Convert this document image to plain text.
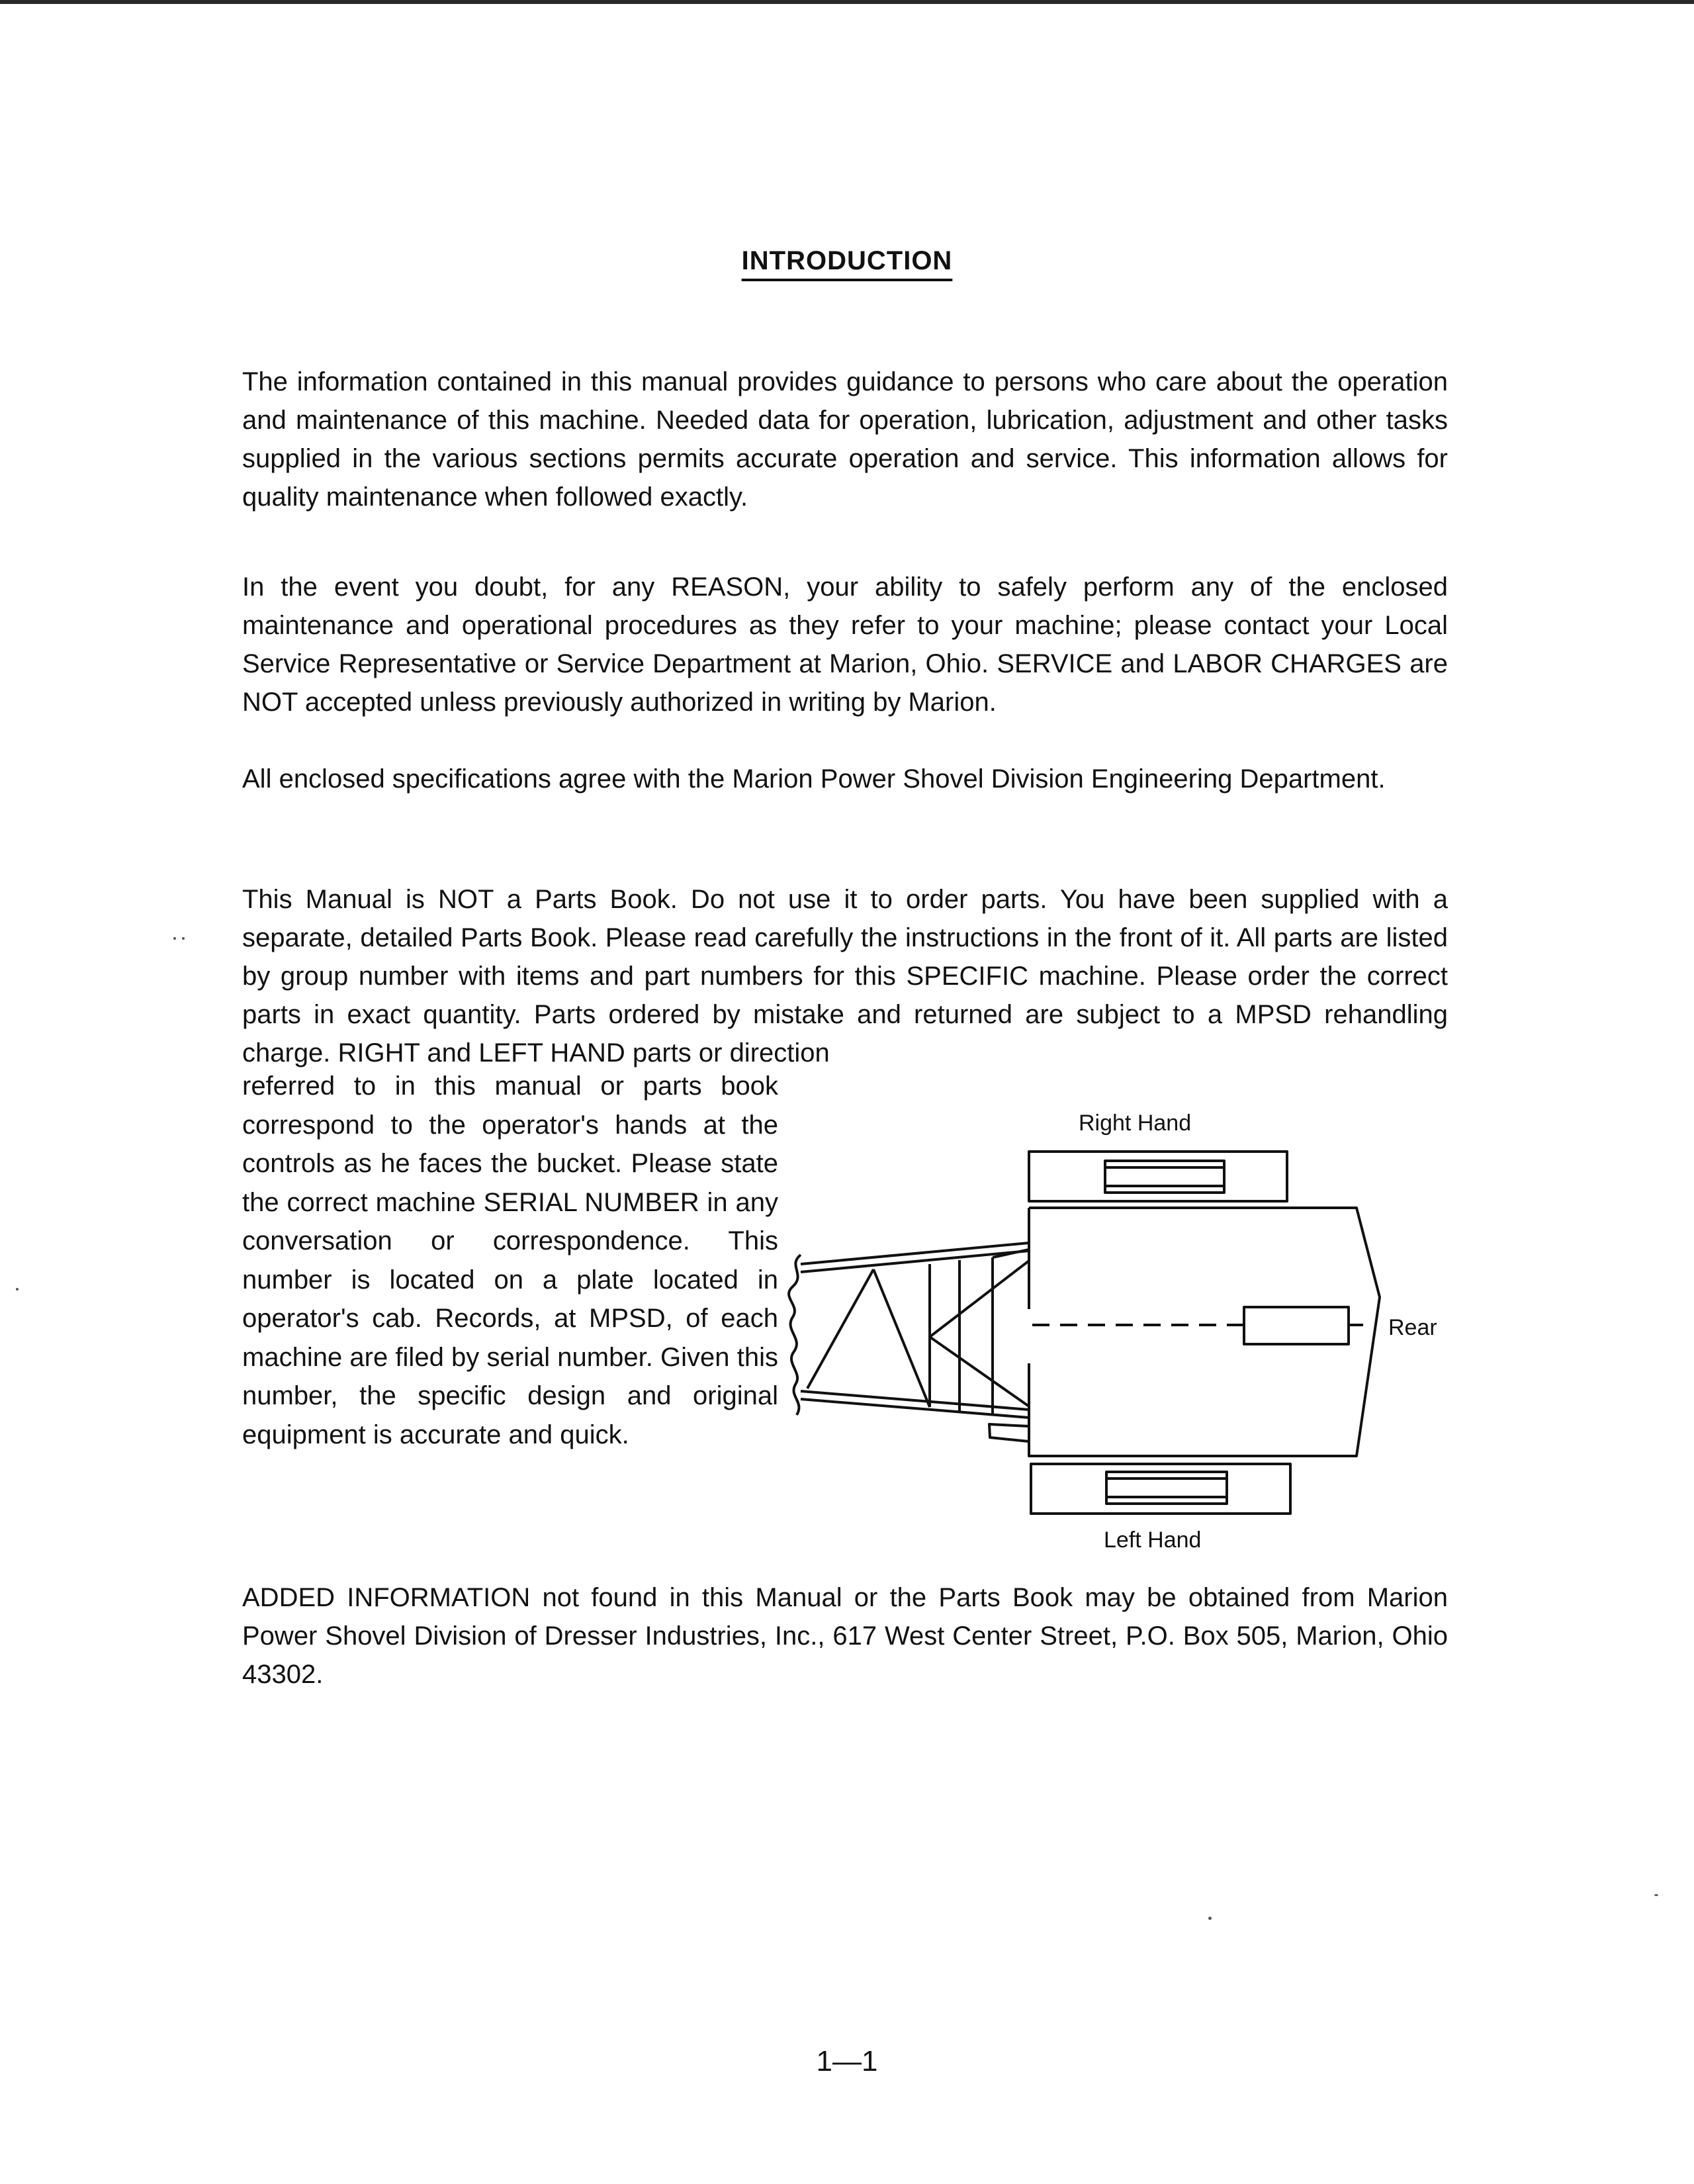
INTRODUCTION

The information contained in this manual provides guidance to persons who care about the operation and maintenance of this machine. Needed data for operation, lubrication, adjustment and other tasks supplied in the various sections permits accurate operation and service. This information allows for quality maintenance when followed exactly.

In the event you doubt, for any REASON, your ability to safely perform any of the enclosed maintenance and operational procedures as they refer to your machine; please contact your Local Service Representative or Service Department at Marion, Ohio. SERVICE and LABOR CHARGES are NOT accepted unless previously authorized in writing by Marion.

All enclosed specifications agree with the Marion Power Shovel Division Engineering Department.

This Manual is NOT a Parts Book. Do not use it to order parts. You have been supplied with a separate, detailed Parts Book. Please read carefully the instructions in the front of it. All parts are listed by group number with items and part numbers for this SPECIFIC machine. Please order the correct parts in exact quantity. Parts ordered by mistake and returned are subject to a MPSD rehandling charge. RIGHT and LEFT HAND parts or direction

referred to in this manual or parts book correspond to the operator's hands at the controls as he faces the bucket. Please state the correct machine SERIAL NUMBER in any conversation or correspondence. This number is located on a plate located in operator's cab. Records, at MPSD, of each machine are filed by serial number. Given this number, the specific design and original equipment is accurate and quick.

Right Hand
Left Hand
Rear

ADDED INFORMATION not found in this Manual or the Parts Book may be obtained from Marion Power Shovel Division of Dresser Industries, Inc., 617 West Center Street, P.O. Box 505, Marion, Ohio 43302.

1—1
